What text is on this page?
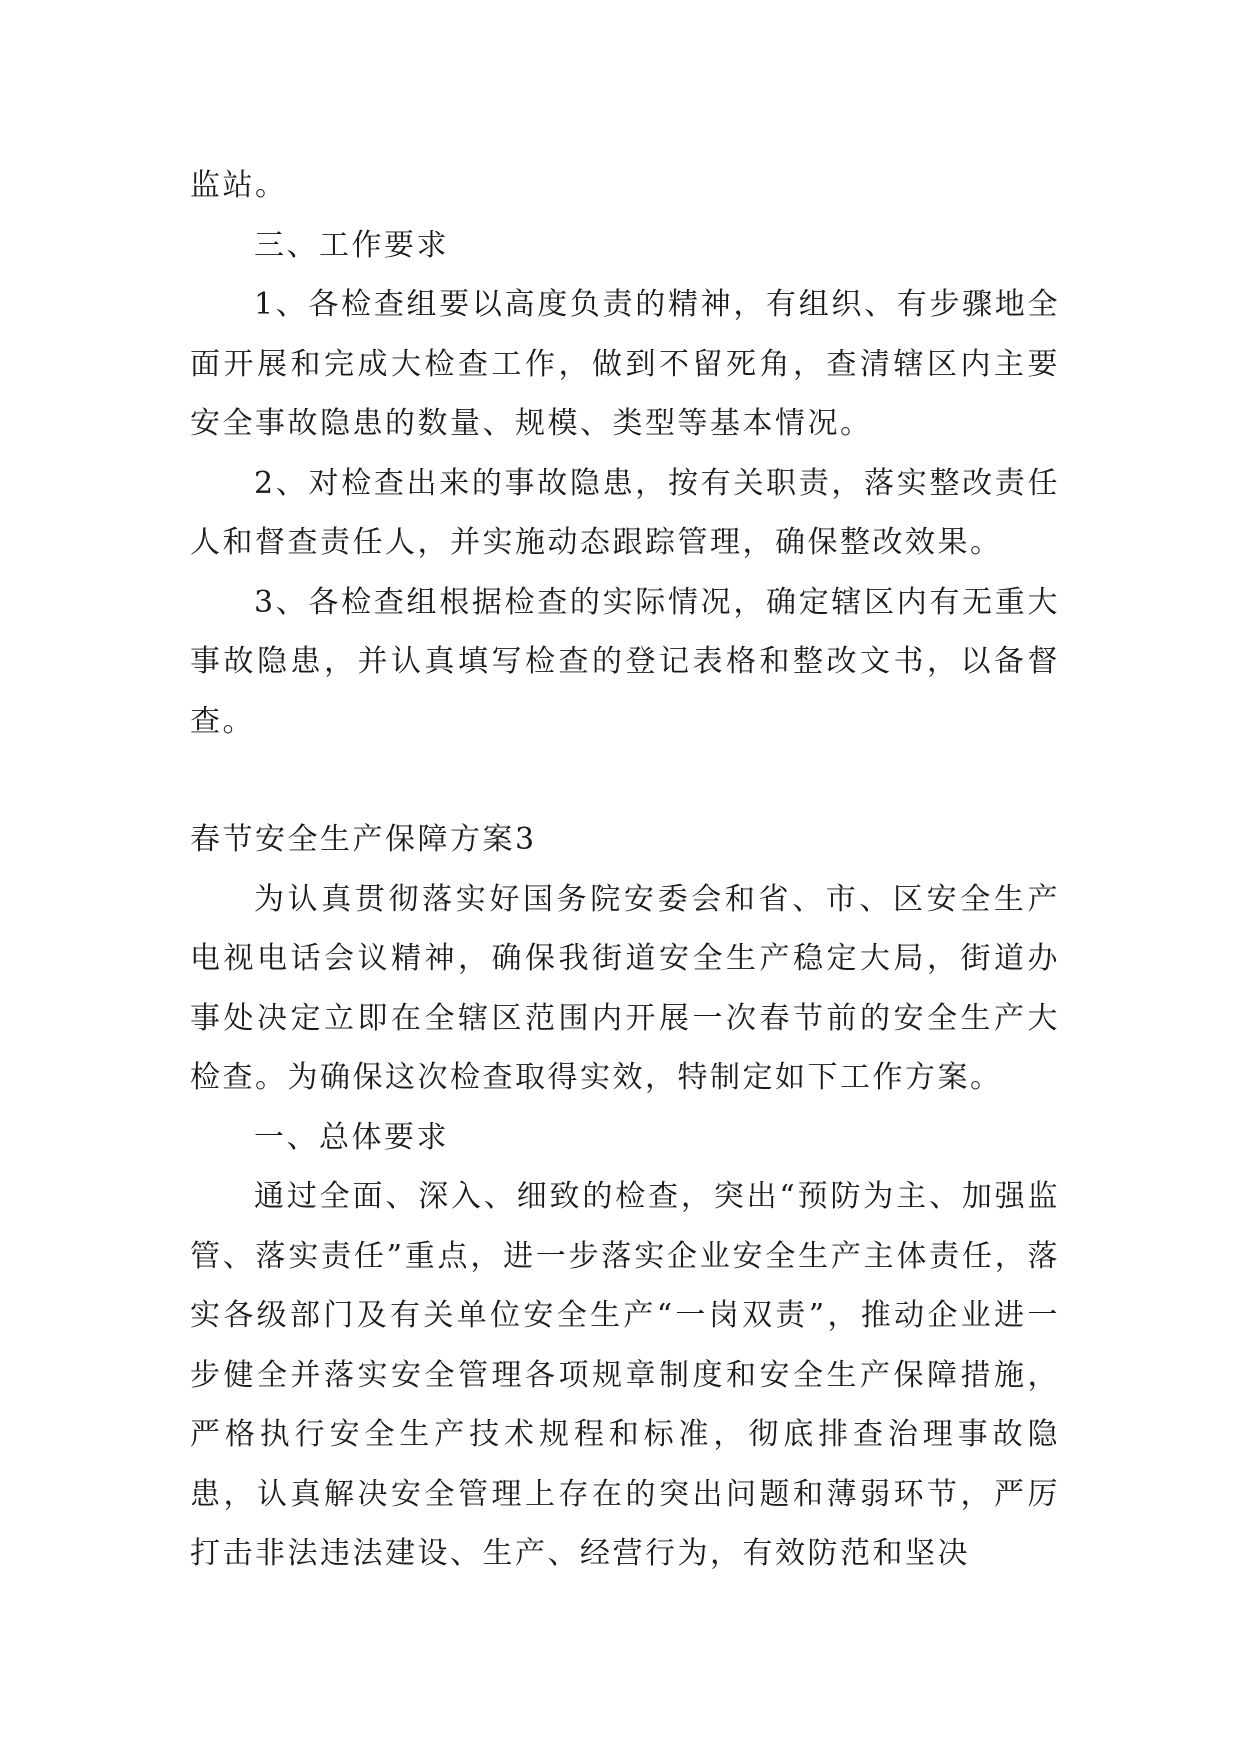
监站。

三、工作要求

1、各检查组要以高度负责的精神，有组织、有步骤地全面开展和完成大检查工作，做到不留死角，查清辖区内主要安全事故隐患的数量、规模、类型等基本情况。

2、对检查出来的事故隐患，按有关职责，落实整改责任人和督查责任人，并实施动态跟踪管理，确保整改效果。

3、各检查组根据检查的实际情况，确定辖区内有无重大事故隐患，并认真填写检查的登记表格和整改文书，以备督查。

春节安全生产保障方案3

为认真贯彻落实好国务院安委会和省、市、区安全生产电视电话会议精神，确保我街道安全生产稳定大局，街道办事处决定立即在全辖区范围内开展一次春节前的安全生产大检查。为确保这次检查取得实效，特制定如下工作方案。

一、总体要求

通过全面、深入、细致的检查，突出“预防为主、加强监管、落实责任”重点，进一步落实企业安全生产主体责任，落实各级部门及有关单位安全生产“一岗双责”，推动企业进一步健全并落实安全管理各项规章制度和安全生产保障措施，严格执行安全生产技术规程和标准，彻底排查治理事故隐患，认真解决安全管理上存在的突出问题和薄弱环节，严厉打击非法违法建设、生产、经营行为，有效防范和坚决
